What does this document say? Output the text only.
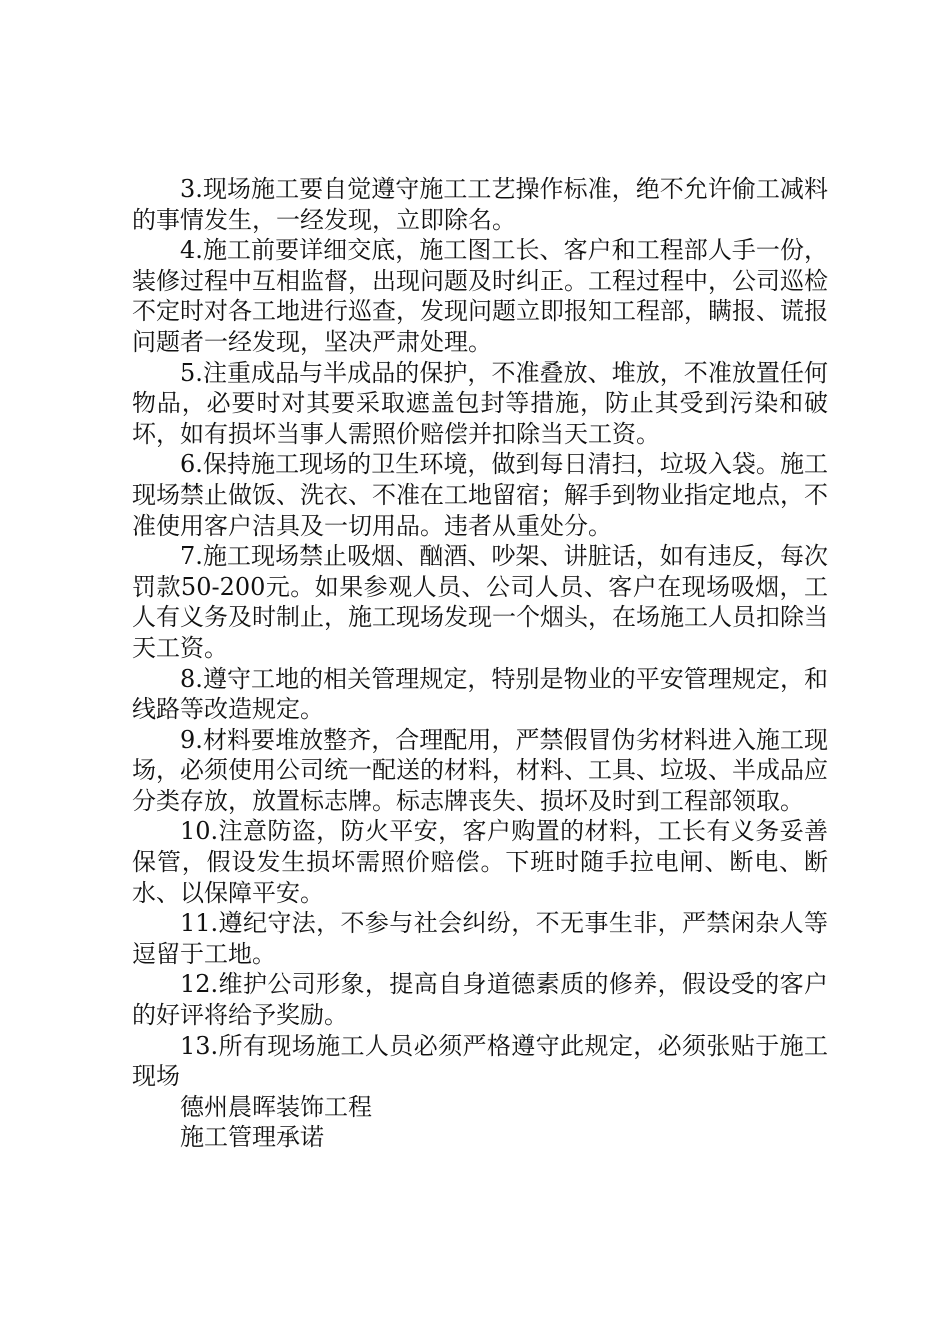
3.现场施工要自觉遵守施工工艺操作标准，绝不允许偷工减料的事情发生，一经发现，立即除名。

4.施工前要详细交底，施工图工长、客户和工程部人手一份，装修过程中互相监督，出现问题及时纠正。工程过程中，公司巡检不定时对各工地进行巡查，发现问题立即报知工程部，瞒报、谎报问题者一经发现，坚决严肃处理。

5.注重成品与半成品的保护，不准叠放、堆放，不准放置任何物品，必要时对其要采取遮盖包封等措施，防止其受到污染和破坏，如有损坏当事人需照价赔偿并扣除当天工资。

6.保持施工现场的卫生环境，做到每日清扫，垃圾入袋。施工现场禁止做饭、洗衣、不准在工地留宿；解手到物业指定地点，不准使用客户洁具及一切用品。违者从重处分。

7.施工现场禁止吸烟、酗酒、吵架、讲脏话，如有违反，每次罚款50-200元。如果参观人员、公司人员、客户在现场吸烟，工人有义务及时制止，施工现场发现一个烟头，在场施工人员扣除当天工资。

8.遵守工地的相关管理规定，特别是物业的平安管理规定，和线路等改造规定。

9.材料要堆放整齐，合理配用，严禁假冒伪劣材料进入施工现场，必须使用公司统一配送的材料，材料、工具、垃圾、半成品应分类存放，放置标志牌。标志牌丧失、损坏及时到工程部领取。

10.注意防盗，防火平安，客户购置的材料，工长有义务妥善保管，假设发生损坏需照价赔偿。下班时随手拉电闸、断电、断水、以保障平安。

11.遵纪守法，不参与社会纠纷，不无事生非，严禁闲杂人等逗留于工地。

12.维护公司形象，提高自身道德素质的修养，假设受的客户的好评将给予奖励。

13.所有现场施工人员必须严格遵守此规定，必须张贴于施工现场

德州晨晖装饰工程

施工管理承诺
